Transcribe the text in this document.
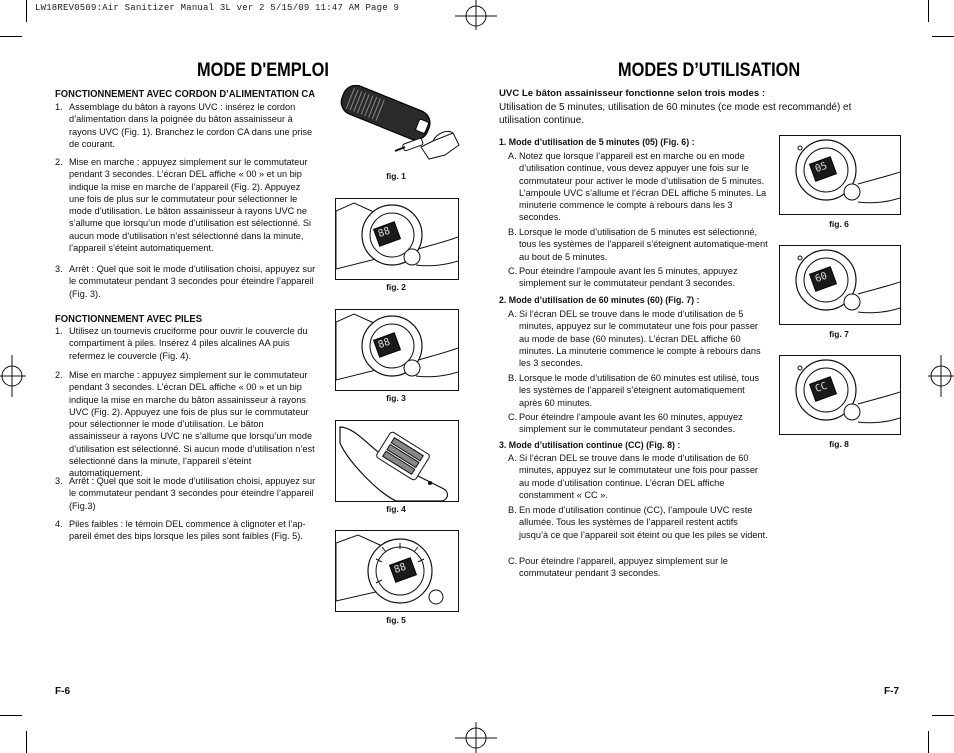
LW18REV0509:Air Sanitizer Manual 3L ver 2 5/15/09 11:47 AM Page 9
MODE D'EMPLOI
FONCTIONNEMENT AVEC CORDON D’ALIMENTATION CA
1. Assemblage du bâton à rayons UVC : insérez le cordon d’alimentation dans la poignée du bâton assainisseur à rayons UVC (Fig. 1). Branchez le cordon CA dans une prise de courant.
2. Mise en marche : appuyez simplement sur le commutateur pendant 3 secondes. L’écran DEL affiche « 00 » et un bip indique la mise en marche de l’appareil (Fig. 2). Appuyez une fois de plus sur le commutateur pour sélectionner le mode d’utilisation. Le bâton assainisseur à rayons UVC ne s’allume que lorsqu’un mode d’utilisation est sélectionné. Si aucun mode d’utilisation n’est sélectionné dans la minute, l’appareil s’éteint automatiquement.
3. Arrêt : Quel que soit le mode d’utilisation choisi, appuyez sur le commutateur pendant 3 secondes pour éteindre l’appareil (Fig. 3).
FONCTIONNEMENT AVEC PILES
1. Utilisez un tournevis cruciforme pour ouvrir le couvercle du compartiment à piles. Insérez 4 piles alcalines AA puis refermez le couvercle (Fig. 4).
2. Mise en marche : appuyez simplement sur le commutateur pendant 3 secondes. L’écran DEL affiche « 00 » et un bip indique la mise en marche du bâton assainisseur à rayons UVC (Fig. 2). Appuyez une fois de plus sur le commutateur pour sélectionner le mode d’utilisation. Le bâton assainisseur à rayons UVC ne s’allume que lorsqu’un mode d’utilisation est sélectionné. Si aucun mode d’utilisation n’est sélectionné dans la minute, l’appareil s’éteint automatiquement.
3. Arrêt : Quel que soit le mode d’utilisation choisi, appuyez sur le commutateur pendant 3 secondes pour éteindre l’appareil (Fig.3)
4. Piles faibles : le témoin DEL commence à clignoter et l’ap-pareil émet des bips lorsque les piles sont faibles (Fig. 5).
fig. 1
88
fig. 2
88
fig. 3
fig. 4
88
fig. 5
F-6
MODES D’UTILISATION
UVC Le bâton assainisseur fonctionne selon trois modes :
Utilisation de 5 minutes, utilisation de 60 minutes (ce mode est recommandé) et utilisation continue.
1. Mode d’utilisation de 5 minutes (05) (Fig. 6) :
A. Notez que lorsque l’appareil est en marche ou en mode d’utilisation continue, vous devez appuyer une fois sur le commutateur pour activer le mode d’utilisation de 5 minutes. L’ampoule UVC s’allume et l’écran DEL affiche 5 minutes. La minuterie commence le compte à rebours dans les 3 secondes.
B. Lorsque le mode d’utilisation de 5 minutes est sélectionné, tous les systèmes de l’appareil s’éteignent automatique-ment au bout de 5 minutes.
C. Pour éteindre l’ampoule avant les 5 minutes, appuyez simplement sur le commutateur pendant 3 secondes.
2. Mode d’utilisation de 60 minutes (60) (Fig. 7) :
A. Si l’écran DEL se trouve dans le mode d’utilisation de 5 minutes, appuyez sur le commutateur une fois pour passer au mode de base (60 minutes). L’écran DEL affiche 60 minutes. La minuterie commence le compte à rebours dans les 3 secondes.
B. Lorsque le mode d’utilisation de 60 minutes est utilisé, tous les systèmes de l’appareil s’éteignent automatiquement après 60 minutes.
C. Pour éteindre l’ampoule avant les 60 minutes, appuyez simplement sur le commutateur pendant 3 secondes.
3. Mode d’utilisation continue (CC) (Fig. 8) :
A. Si l’écran DEL se trouve dans le mode d’utilisation de 60 minutes, appuyez sur le commutateur une fois pour passer au mode d’utilisation continue. L’écran DEL affiche constamment « CC ».
B. En mode d’utilisation continue (CC), l’ampoule UVC reste allumée. Tous les systèmes de l’appareil restent actifs jusqu’à ce que l’appareil soit éteint ou que les piles se vident.
C. Pour éteindre l’appareil, appuyez simplement sur le commutateur pendant 3 secondes.
05
fig. 6
60
fig. 7
CC
fig. 8
F-7
